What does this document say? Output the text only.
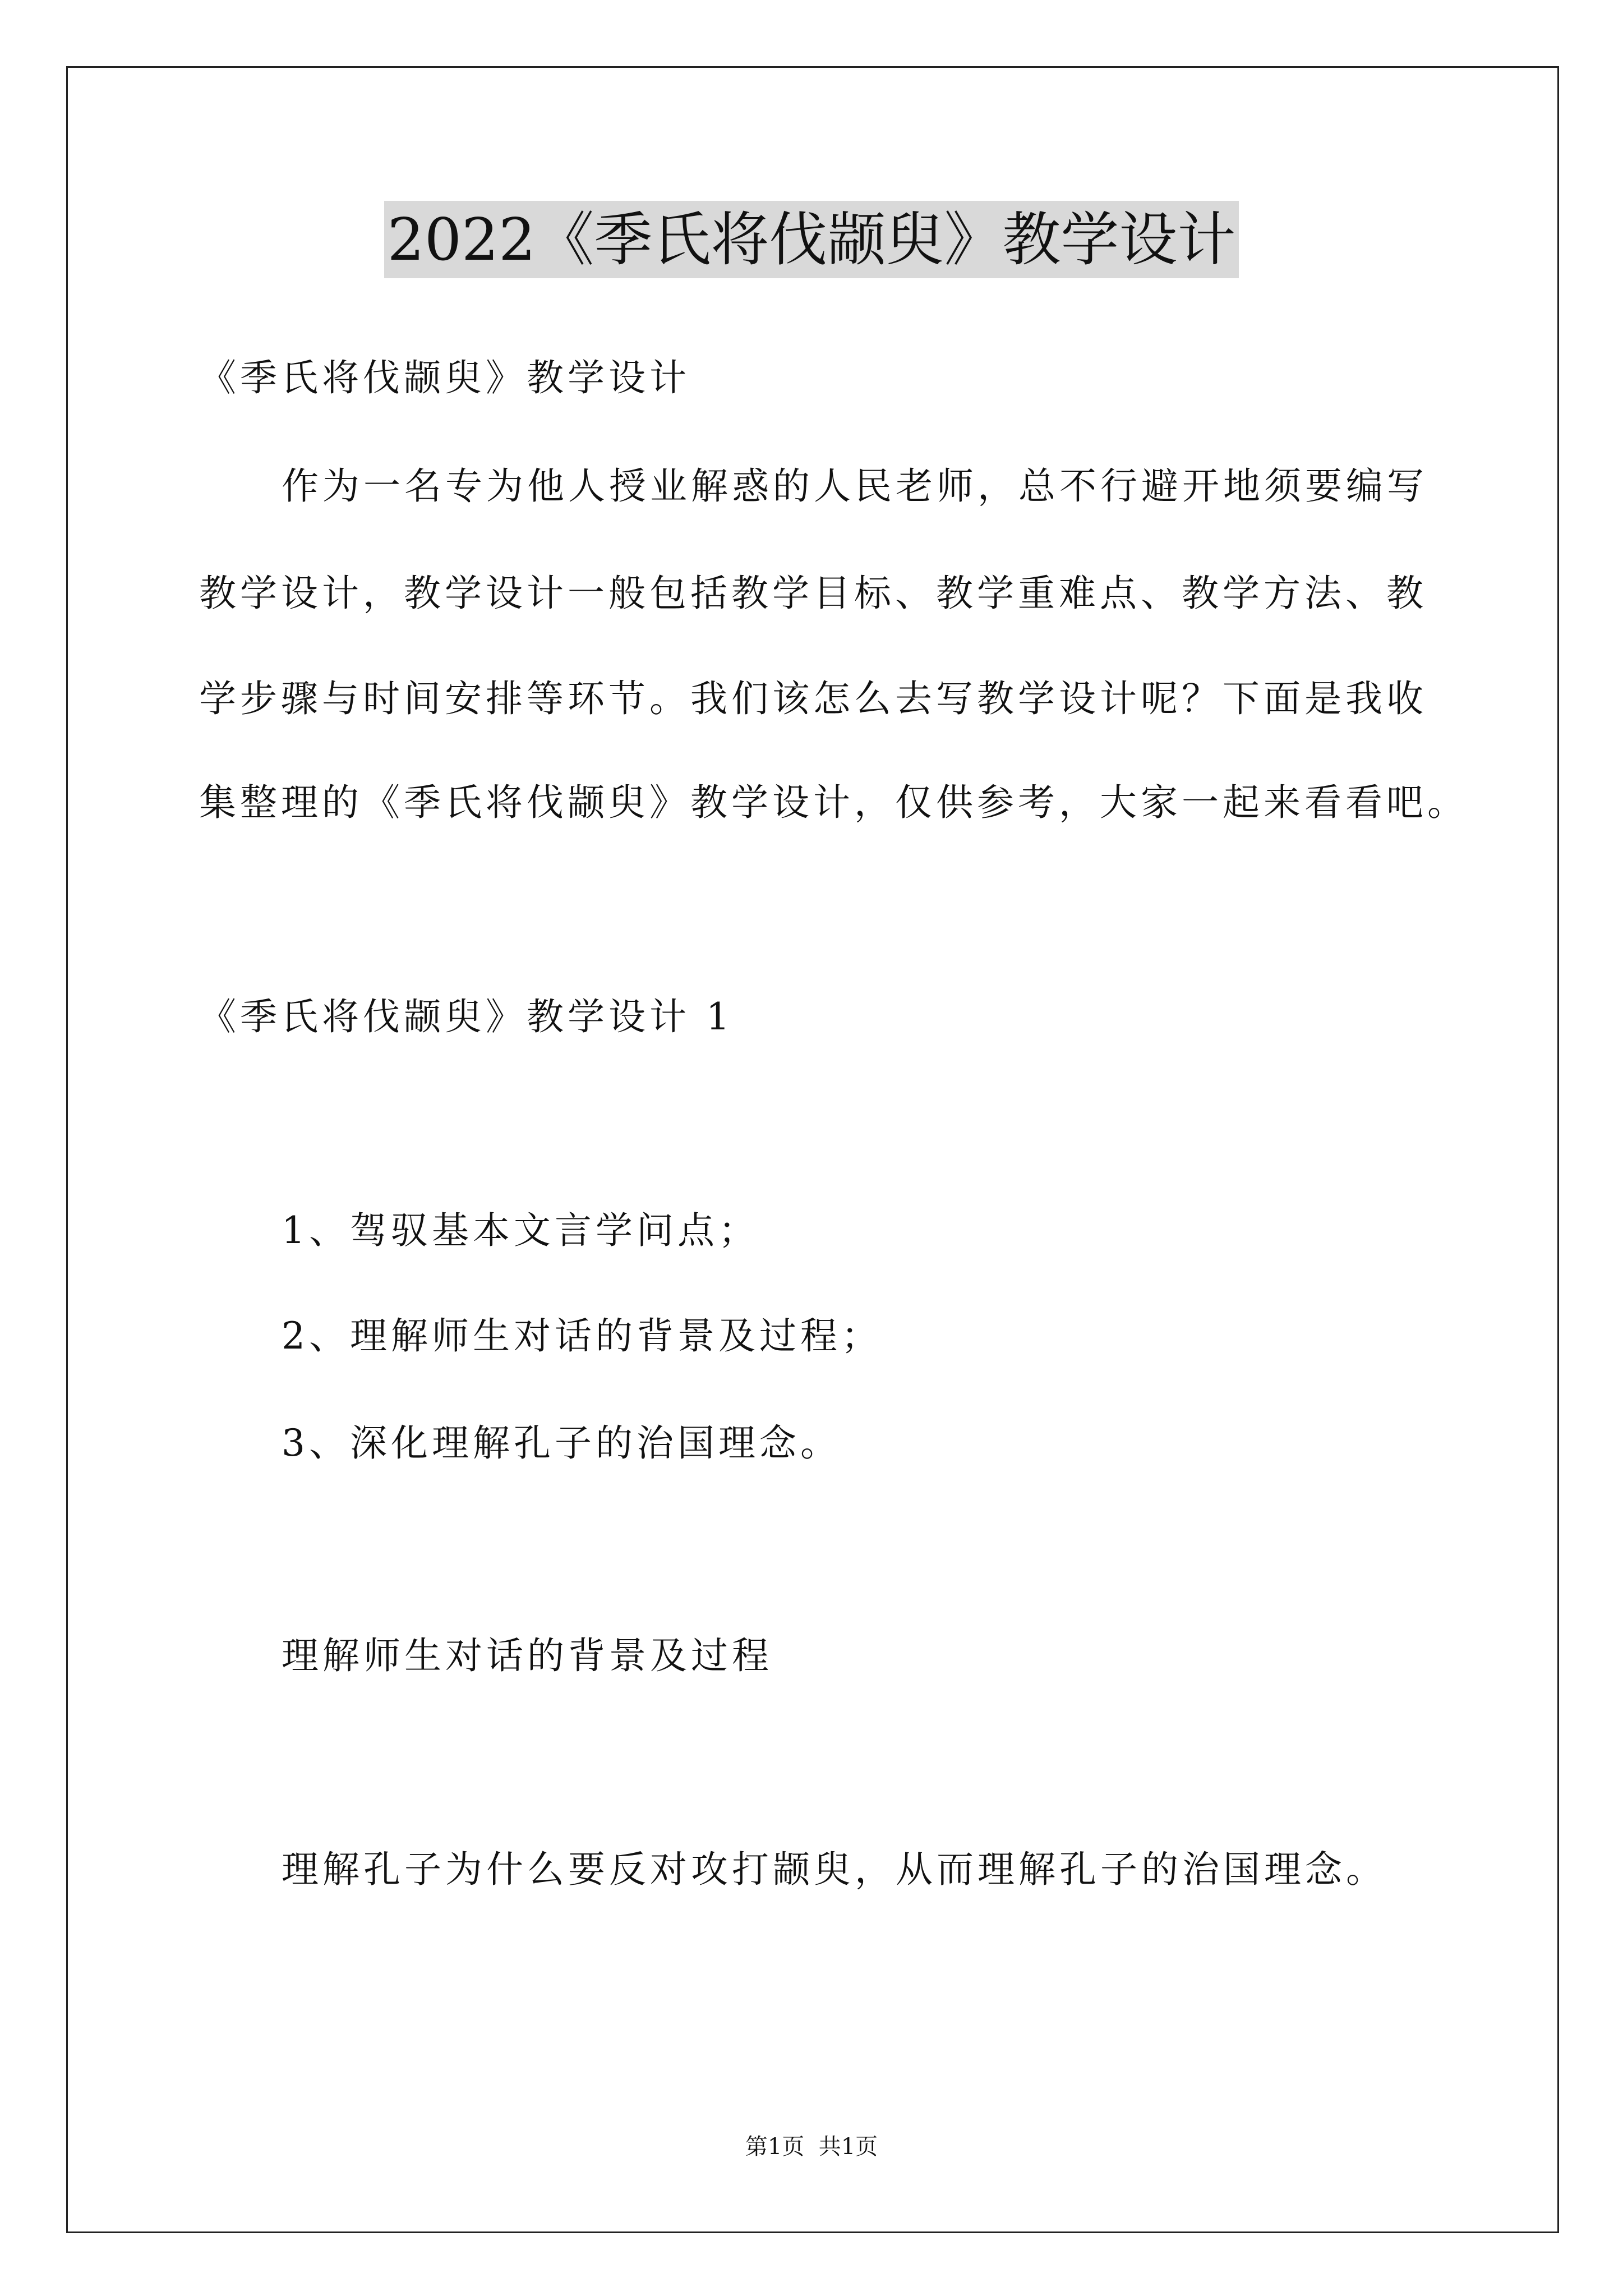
2022《季氏将伐颛臾》教学设计
《季氏将伐颛臾》教学设计
作为一名专为他人授业解惑的人民老师，总不行避开地须要编写
教学设计，教学设计一般包括教学目标、教学重难点、教学方法、教
学步骤与时间安排等环节。我们该怎么去写教学设计呢？下面是我收
集整理的《季氏将伐颛臾》教学设计，仅供参考，大家一起来看看吧。
《季氏将伐颛臾》教学设计 1
1、驾驭基本文言学问点；
2、理解师生对话的背景及过程；
3、深化理解孔子的治国理念。
理解师生对话的背景及过程
理解孔子为什么要反对攻打颛臾，从而理解孔子的治国理念。
第1页  共1页
